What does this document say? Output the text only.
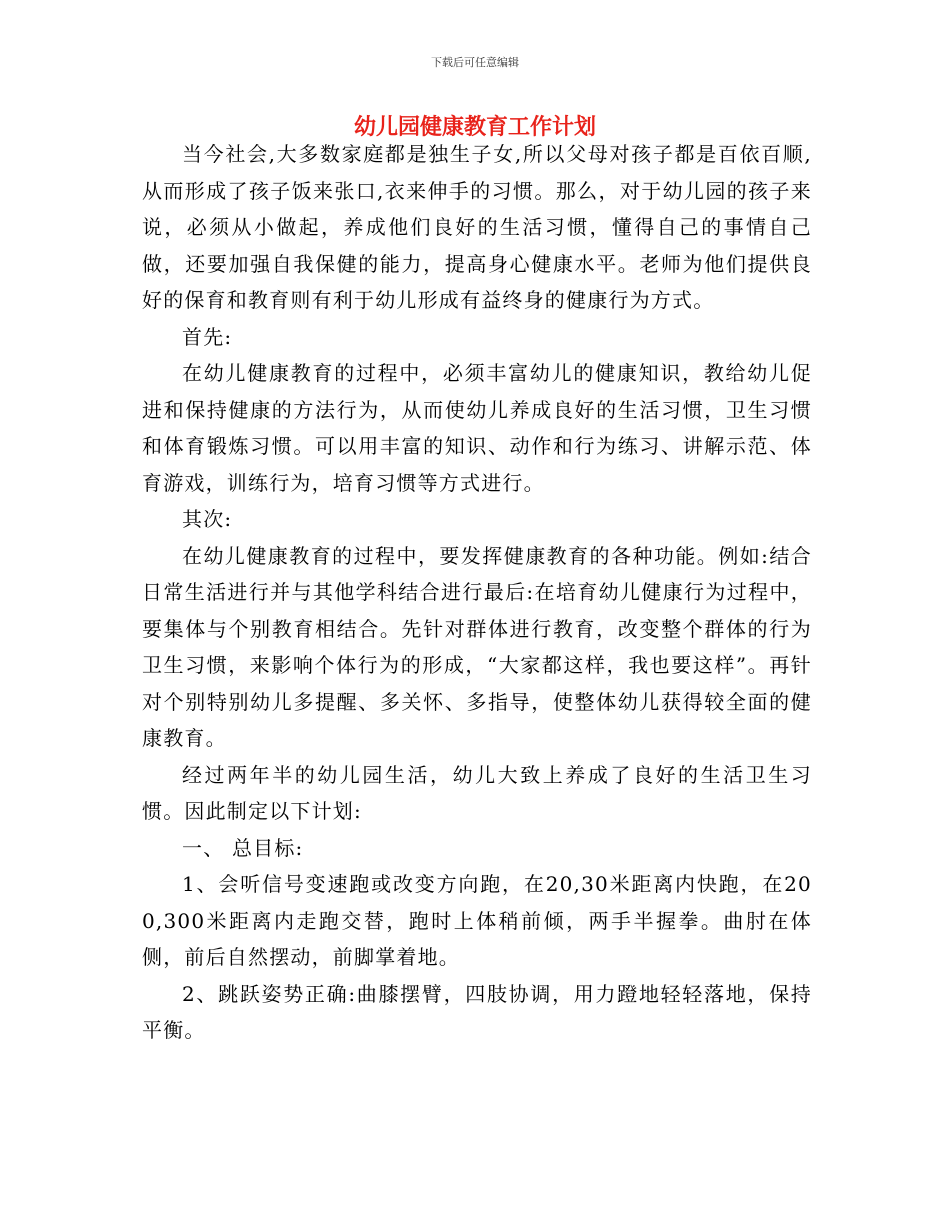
下载后可任意编辑
幼儿园健康教育工作计划

当今社会,大多数家庭都是独生子女,所以父母对孩子都是百依百顺,从而形成了孩子饭来张口,衣来伸手的习惯。那么，对于幼儿园的孩子来说，必须从小做起，养成他们良好的生活习惯，懂得自己的事情自己做，还要加强自我保健的能力，提高身心健康水平。老师为他们提供良好的保育和教育则有利于幼儿形成有益终身的健康行为方式。

首先:

在幼儿健康教育的过程中，必须丰富幼儿的健康知识，教给幼儿促进和保持健康的方法行为，从而使幼儿养成良好的生活习惯，卫生习惯和体育锻炼习惯。可以用丰富的知识、动作和行为练习、讲解示范、体育游戏，训练行为，培育习惯等方式进行。

其次:

在幼儿健康教育的过程中，要发挥健康教育的各种功能。例如:结合日常生活进行并与其他学科结合进行最后:在培育幼儿健康行为过程中，要集体与个别教育相结合。先针对群体进行教育，改变整个群体的行为卫生习惯，来影响个体行为的形成，“大家都这样，我也要这样”。再针对个别特别幼儿多提醒、多关怀、多指导，使整体幼儿获得较全面的健康教育。

经过两年半的幼儿园生活，幼儿大致上养成了良好的生活卫生习惯。因此制定以下计划:

一、 总目标:

1、会听信号变速跑或改变方向跑，在20,30米距离内快跑，在200,300米距离内走跑交替，跑时上体稍前倾，两手半握拳。曲肘在体侧，前后自然摆动，前脚掌着地。

2、跳跃姿势正确:曲膝摆臂，四肢协调，用力蹬地轻轻落地，保持平衡。
